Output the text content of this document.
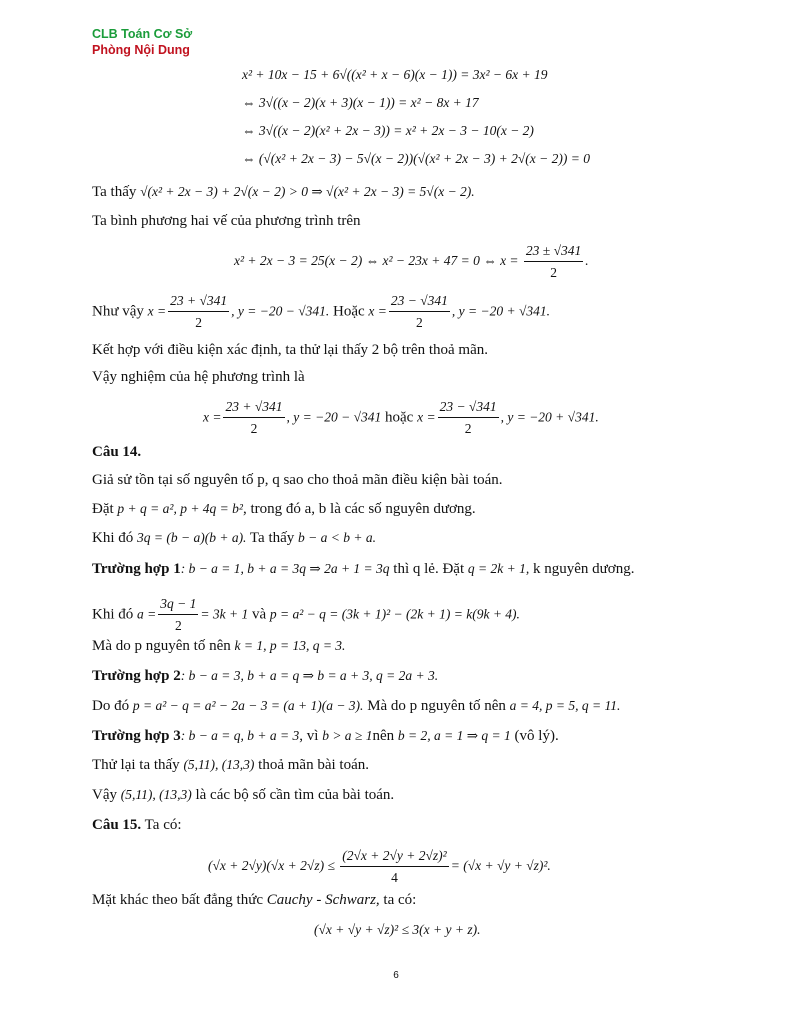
CLB Toán Cơ Sở
Phòng Nội Dung
x² + 10x − 15 + 6√((x² + x − 6)(x − 1)) = 3x² − 6x + 19
⇔ 3√((x − 2)(x + 3)(x − 1)) = x² − 8x + 17
⇔ 3√((x − 2)(x² + 2x − 3)) = x² + 2x − 3 − 10(x − 2)
⇔ (√(x² + 2x − 3) − 5√(x − 2))(√(x² + 2x − 3) + 2√(x − 2)) = 0
Ta thấy √(x² + 2x − 3) + 2√(x − 2) > 0 ⇒ √(x² + 2x − 3) = 5√(x − 2).
Ta bình phương hai vế của phương trình trên
x² + 2x − 3 = 25(x − 2) ⇔ x² − 23x + 47 = 0 ⇔ $x = \frac{23 \pm √341}{2}$ .
Như vậy $x = \frac{23 + √341}{2}$ , y = −20 − √341. Hoặc $x = \frac{23 - √341}{2}$ , y = −20 + √341.
Kết hợp với điều kiện xác định, ta thử lại thấy 2 bộ trên thoả mãn.
Vậy nghiệm của hệ phương trình là
$x = \frac{23 + √341}{2}$ , y = −20 − √341 hoặc $x = \frac{23 - √341}{2}$ , y = −20 + √341.
Câu 14.
Giả sử tồn tại số nguyên tố p, q sao cho thoả mãn điều kiện bài toán.
Đặt p + q = a², p + 4q = b², trong đó a, b là các số nguyên dương.
Khi đó 3q = (b − a)(b + a). Ta thấy b − a < b + a.
Trường hợp 1: b − a = 1, b + a = 3q ⇒ 2a + 1 = 3q thì q lẻ. Đặt q = 2k + 1, k nguyên dương.
Khi đó $a = \frac{3q - 1}{2} = 3k + 1$ và p = a² − q = (3k + 1)² − (2k + 1) = k(9k + 4).
Mà do p nguyên tố nên k = 1, p = 13, q = 3.
Trường hợp 2: b − a = 3, b + a = q ⇒ b = a + 3, q = 2a + 3.
Do đó p = a² − q = a² − 2a − 3 = (a + 1)(a − 3). Mà do p nguyên tố nên a = 4, p = 5, q = 11.
Trường hợp 3: b − a = q, b + a = 3, vì b > a ≥ 1nên b = 2, a = 1 ⇒ q = 1 (vô lý).
Thử lại ta thấy (5,11), (13,3) thoả mãn bài toán.
Vậy (5,11), (13,3) là các bộ số cần tìm của bài toán.
Câu 15. Ta có:
$(√x + 2√y)(√x + 2√z) \le \frac{\text{(2√x + 2√y + 2√z)²}}{4} = (√x + √y + √z)^2$.
Mặt khác theo bất đẳng thức Cauchy - Schwarz, ta có:
(√x + √y + √z)² ≤ 3(x + y + z).
6
